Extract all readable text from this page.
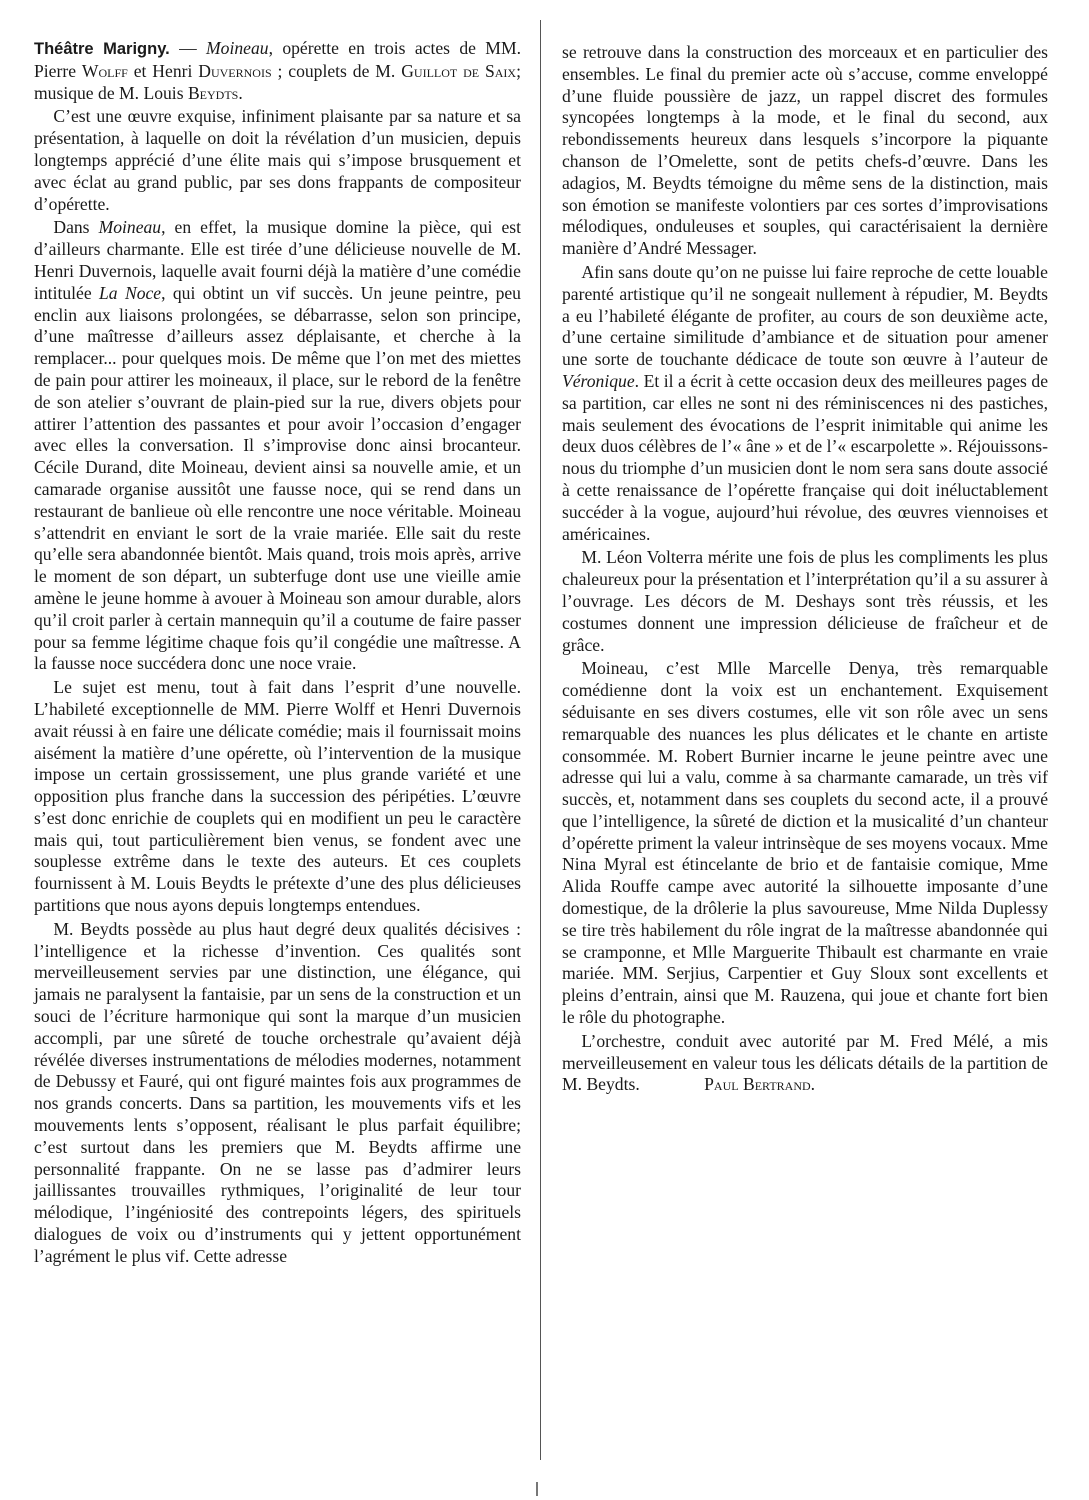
Théâtre Marigny. — Moineau, opérette en trois actes de MM. Pierre Wolff et Henri Duvernois ; couplets de M. Guillot de Saix; musique de M. Louis Beydts.

C’est une œuvre exquise, infiniment plaisante par sa nature et sa présentation, à laquelle on doit la révélation d’un musicien, depuis longtemps apprécié d’une élite mais qui s’impose brusquement et avec éclat au grand public, par ses dons frappants de compositeur d’opérette.

Dans Moineau, en effet, la musique domine la pièce, qui est d’ailleurs charmante. Elle est tirée d’une délicieuse nouvelle de M. Henri Duvernois, laquelle avait fourni déjà la matière d’une comédie intitulée La Noce, qui obtint un vif succès. Un jeune peintre, peu enclin aux liaisons prolongées, se débarrasse, selon son principe, d’une maîtresse d’ailleurs assez déplaisante, et cherche à la remplacer... pour quelques mois. De même que l’on met des miettes de pain pour attirer les moineaux, il place, sur le rebord de la fenêtre de son atelier s’ouvrant de plain-pied sur la rue, divers objets pour attirer l’attention des passantes et pour avoir l’occasion d’engager avec elles la conversation. Il s’improvise donc ainsi brocanteur. Cécile Durand, dite Moineau, devient ainsi sa nouvelle amie, et un camarade organise aussitôt une fausse noce, qui se rend dans un restaurant de banlieue où elle rencontre une noce véritable. Moineau s’attendrit en enviant le sort de la vraie mariée. Elle sait du reste qu’elle sera abandonnée bientôt. Mais quand, trois mois après, arrive le moment de son départ, un subterfuge dont use une vieille amie amène le jeune homme à avouer à Moineau son amour durable, alors qu’il croit parler à certain mannequin qu’il a coutume de faire passer pour sa femme légitime chaque fois qu’il congédie une maîtresse. A la fausse noce succédera donc une noce vraie.

Le sujet est menu, tout à fait dans l’esprit d’une nouvelle. L’habileté exceptionnelle de MM. Pierre Wolff et Henri Duvernois avait réussi à en faire une délicate comédie; mais il fournissait moins aisément la matière d’une opérette, où l’intervention de la musique impose un certain grossissement, une plus grande variété et une opposition plus franche dans la succession des péripéties. L’œuvre s’est donc enrichie de couplets qui en modifient un peu le caractère mais qui, tout particulièrement bien venus, se fondent avec une souplesse extrême dans le texte des auteurs. Et ces couplets fournissent à M. Louis Beydts le prétexte d’une des plus délicieuses partitions que nous ayons depuis longtemps entendues.

M. Beydts possède au plus haut degré deux qualités décisives : l’intelligence et la richesse d’invention. Ces qualités sont merveilleusement servies par une distinction, une élégance, qui jamais ne paralysent la fantaisie, par un sens de la construction et un souci de l’écriture harmonique qui sont la marque d’un musicien accompli, par une sûreté de touche orchestrale qu’avaient déjà révélée diverses instrumentations de mélodies modernes, notamment de Debussy et Fauré, qui ont figuré maintes fois aux programmes de nos grands concerts. Dans sa partition, les mouvements vifs et les mouvements lents s’opposent, réalisant le plus parfait équilibre; c’est surtout dans les premiers que M. Beydts affirme une personnalité frappante. On ne se lasse pas d’admirer leurs jaillissantes trouvailles rythmiques, l’originalité de leur tour mélodique, l’ingéniosité des contrepoints légers, des spirituels dialogues de voix ou d’instruments qui y jettent opportunément l’agrément le plus vif. Cette adresse

se retrouve dans la construction des morceaux et en particulier des ensembles. Le final du premier acte où s’accuse, comme enveloppé d’une fluide poussière de jazz, un rappel discret des formules syncopées longtemps à la mode, et le final du second, aux rebondissements heureux dans lesquels s’incorpore la piquante chanson de l’Omelette, sont de petits chefs-d’œuvre. Dans les adagios, M. Beydts témoigne du même sens de la distinction, mais son émotion se manifeste volontiers par ces sortes d’improvisations mélodiques, onduleuses et souples, qui caractérisaient la dernière manière d’André Messager.

Afin sans doute qu’on ne puisse lui faire reproche de cette louable parenté artistique qu’il ne songeait nullement à répudier, M. Beydts a eu l’habileté élégante de profiter, au cours de son deuxième acte, d’une certaine similitude d’ambiance et de situation pour amener une sorte de touchante dédicace de toute son œuvre à l’auteur de Véronique. Et il a écrit à cette occasion deux des meilleures pages de sa partition, car elles ne sont ni des réminiscences ni des pastiches, mais seulement des évocations de l’esprit inimitable qui anime les deux duos célèbres de l’« âne » et de l’« escarpolette ». Réjouissons-nous du triomphe d’un musicien dont le nom sera sans doute associé à cette renaissance de l’opérette française qui doit inéluctablement succéder à la vogue, aujourd’hui révolue, des œuvres viennoises et américaines.

M. Léon Volterra mérite une fois de plus les compliments les plus chaleureux pour la présentation et l’interprétation qu’il a su assurer à l’ouvrage. Les décors de M. Deshays sont très réussis, et les costumes donnent une impression délicieuse de fraîcheur et de grâce.

Moineau, c’est Mlle Marcelle Denya, très remarquable comédienne dont la voix est un enchantement. Exquisement séduisante en ses divers costumes, elle vit son rôle avec un sens remarquable des nuances les plus délicates et le chante en artiste consommée. M. Robert Burnier incarne le jeune peintre avec une adresse qui lui a valu, comme à sa charmante camarade, un très vif succès, et, notamment dans ses couplets du second acte, il a prouvé que l’intelligence, la sûreté de diction et la musicalité d’un chanteur d’opérette priment la valeur intrinsèque de ses moyens vocaux. Mme Nina Myral est étincelante de brio et de fantaisie comique, Mme Alida Rouffe campe avec autorité la silhouette imposante d’une domestique, de la drôlerie la plus savoureuse, Mme Nilda Duplessy se tire très habilement du rôle ingrat de la maîtresse abandonnée qui se cramponne, et Mlle Marguerite Thibault est charmante en vraie mariée. MM. Serjius, Carpentier et Guy Sloux sont excellents et pleins d’entrain, ainsi que M. Rauzena, qui joue et chante fort bien le rôle du photographe.

L’orchestre, conduit avec autorité par M. Fred Mélé, a mis merveilleusement en valeur tous les délicats détails de la partition de M. Beydts.	Paul Bertrand.
